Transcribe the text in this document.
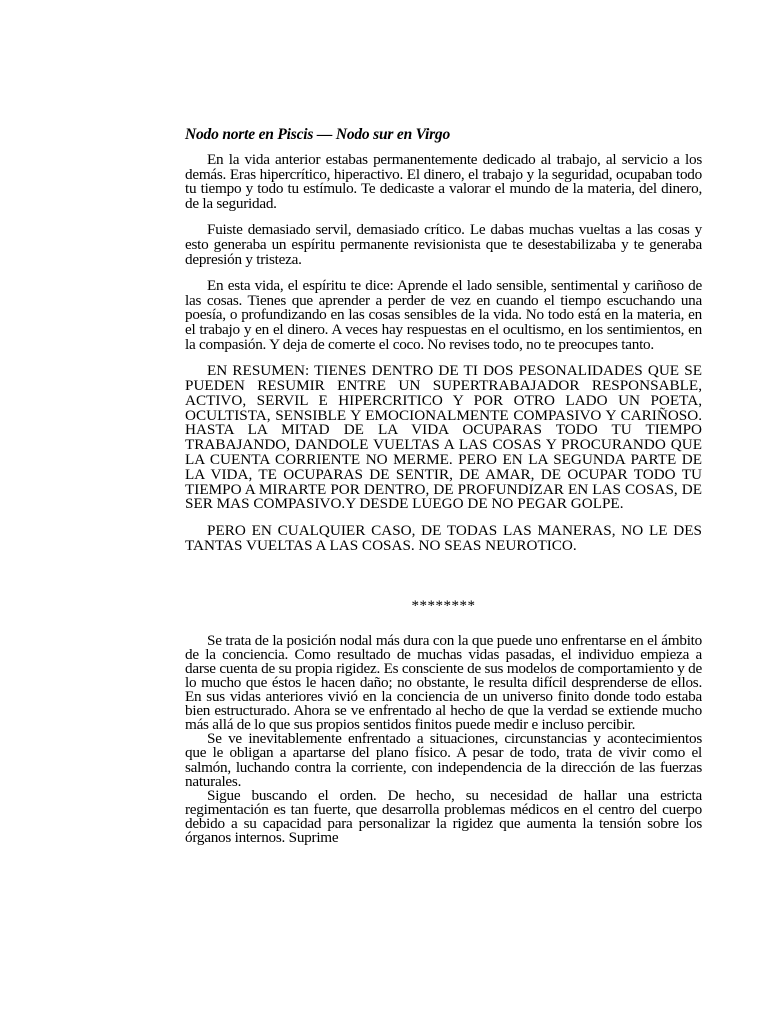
Nodo norte en Piscis — Nodo sur en Virgo

En la vida anterior estabas permanentemente dedicado al trabajo, al servicio a los demás. Eras hipercrítico, hiperactivo. El dinero, el trabajo y la seguridad, ocupaban todo tu tiempo y todo tu estímulo. Te dedicaste a valorar el mundo de la materia, del dinero, de la seguridad.

Fuiste demasiado servil, demasiado crítico. Le dabas muchas vueltas a las cosas y esto generaba un espíritu permanente revisionista que te desestabilizaba y te generaba depresión y tristeza.

En esta vida, el espíritu te dice: Aprende el lado sensible, sentimental y cariñoso de las cosas. Tienes que aprender a perder de vez en cuando el tiempo escuchando una poesía, o profundizando en las cosas sensibles de la vida. No todo está en la materia, en el trabajo y en el dinero. A veces hay respuestas en el ocultismo, en los sentimientos, en la compasión. Y deja de comerte el coco. No revises todo, no te preocupes tanto.

EN RESUMEN: TIENES DENTRO DE TI DOS PESONALIDADES QUE SE PUEDEN RESUMIR ENTRE UN SUPERTRABAJADOR RESPONSABLE, ACTIVO, SERVIL E HIPERCRITICO Y POR OTRO LADO UN POETA, OCULTISTA, SENSIBLE Y EMOCIONALMENTE COMPASIVO Y CARIÑOSO. HASTA LA MITAD DE LA VIDA OCUPARAS TODO TU TIEMPO TRABAJANDO, DANDOLE VUELTAS A LAS COSAS Y PROCURANDO QUE LA CUENTA CORRIENTE NO MERME. PERO EN LA SEGUNDA PARTE DE LA VIDA, TE OCUPARAS DE SENTIR, DE AMAR, DE OCUPAR TODO TU TIEMPO A MIRARTE POR DENTRO, DE PROFUNDIZAR EN LAS COSAS, DE SER MAS COMPASIVO.Y DESDE LUEGO DE NO PEGAR GOLPE.

PERO EN CUALQUIER CASO, DE TODAS LAS MANERAS, NO LE DES TANTAS VUELTAS A LAS COSAS. NO SEAS NEUROTICO.

********

Se trata de la posición nodal más dura con la que puede uno enfrentarse en el ámbito de la conciencia. Como resultado de muchas vidas pasadas, el individuo empieza a darse cuenta de su propia rigidez. Es consciente de sus modelos de comportamiento y de lo mucho que éstos le hacen daño; no obstante, le resulta difícil desprenderse de ellos. En sus vidas anteriores vivió en la conciencia de un universo finito donde todo estaba bien estructurado. Ahora se ve enfrentado al hecho de que la verdad se extiende mucho más allá de lo que sus propios sentidos finitos puede medir e incluso percibir.

Se ve inevitablemente enfrentado a situaciones, circunstancias y acontecimientos que le obligan a apartarse del plano físico. A pesar de todo, trata de vivir como el salmón, luchando contra la corriente, con independencia de la dirección de las fuerzas naturales.

Sigue buscando el orden. De hecho, su necesidad de hallar una estricta regimentación es tan fuerte, que desarrolla problemas médicos en el centro del cuerpo debido a su capacidad para personalizar la rigidez que aumenta la tensión sobre los órganos internos. Suprime
